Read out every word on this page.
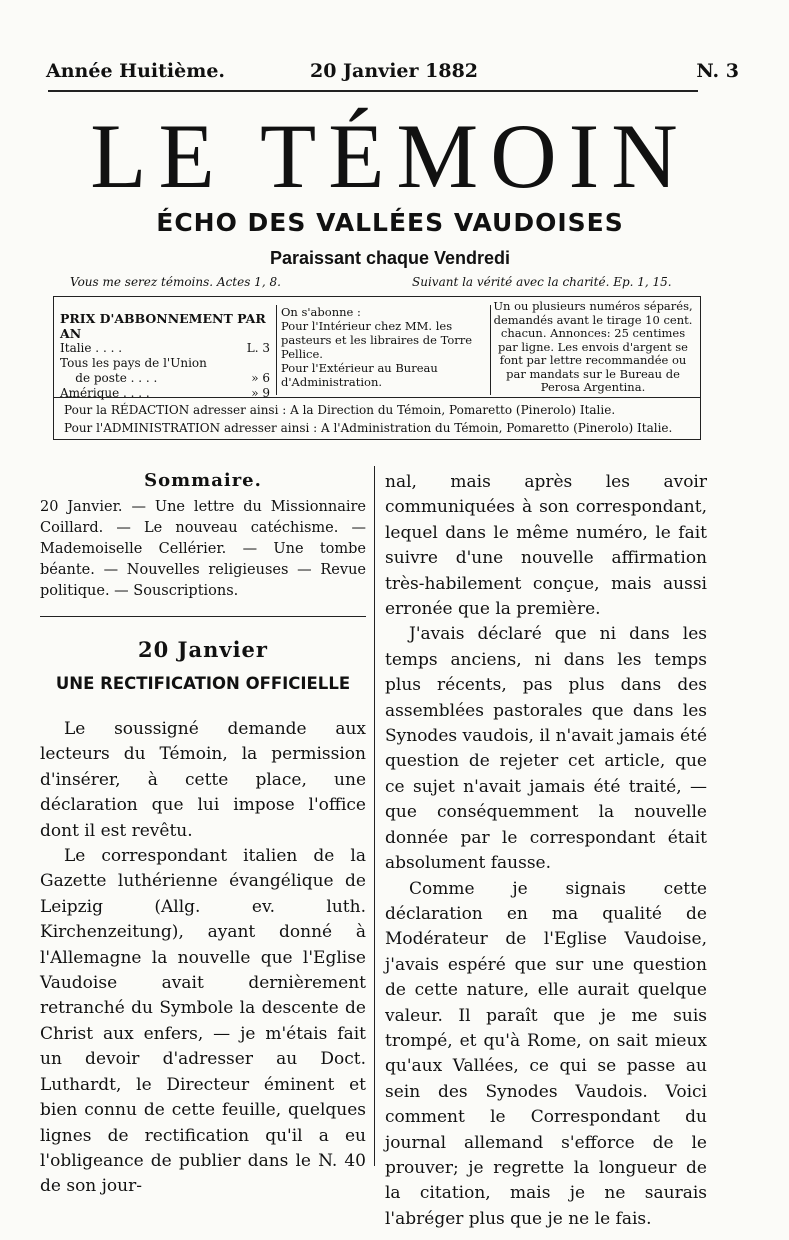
Année Huitième.	20 Janvier 1882	N. 3
LE TÉMOIN
ÉCHO DES VALLÉES VAUDOISES
Paraissant chaque Vendredi
Vous me serez témoins. Actes 1, 8.	Suivant la vérité avec la charité. Ep. 1, 15.
PRIX D'ABBONNEMENT PAR AN
Italie . . . .	L. 3
Tous les pays de l'Union
de poste . . . .	» 6
Amérique . . . .	» 9
On s'abonne :
Pour l'Intérieur chez MM. les pasteurs et les libraires de Torre Pellice.
Pour l'Extérieur au Bureau d'Administration.
Un ou plusieurs numéros séparés, demandés avant le tirage 10 cent. chacun. Annonces: 25 centimes par ligne. Les envois d'argent se font par lettre recommandée ou par mandats sur le Bureau de Perosa Argentina.
Pour la RÉDACTION adresser ainsi : A la Direction du Témoin, Pomaretto (Pinerolo) Italie.
Pour l'ADMINISTRATION adresser ainsi : A l'Administration du Témoin, Pomaretto (Pinerolo) Italie.
Sommaire.
20 Janvier. — Une lettre du Missionnaire Coillard. — Le nouveau catéchisme. — Mademoiselle Cellérier. — Une tombe béante. — Nouvelles religieuses — Revue politique. — Souscriptions.
20 Janvier
UNE RECTIFICATION OFFICIELLE

Le soussigné demande aux lecteurs du Témoin, la permission d'insérer, à cette place, une déclaration que lui impose l'office dont il est revêtu.

Le correspondant italien de la Gazette luthérienne évangélique de Leipzig (Allg. ev. luth. Kirchenzeitung), ayant donné à l'Allemagne la nouvelle que l'Eglise Vaudoise avait dernièrement retranché du Symbole la descente de Christ aux enfers, — je m'étais fait un devoir d'adresser au Doct. Luthardt, le Directeur éminent et bien connu de cette feuille, quelques lignes de rectification qu'il a eu l'obligeance de publier dans le N. 40 de son jour-

nal, mais après les avoir communiquées à son correspondant, lequel dans le même numéro, le fait suivre d'une nouvelle affirmation très-habilement conçue, mais aussi erronée que la première.

J'avais déclaré que ni dans les temps anciens, ni dans les temps plus récents, pas plus dans des assemblées pastorales que dans les Synodes vaudois, il n'avait jamais été question de rejeter cet article, que ce sujet n'avait jamais été traité, — que conséquemment la nouvelle donnée par le correspondant était absolument fausse.

Comme je signais cette déclaration en ma qualité de Modérateur de l'Eglise Vaudoise, j'avais espéré que sur une question de cette nature, elle aurait quelque valeur. Il paraît que je me suis trompé, et qu'à Rome, on sait mieux qu'aux Vallées, ce qui se passe au sein des Synodes Vaudois. Voici comment le Correspondant du journal allemand s'efforce de le prouver; je regrette la longueur de la citation, mais je ne saurais l'abréger plus que je ne le fais.
